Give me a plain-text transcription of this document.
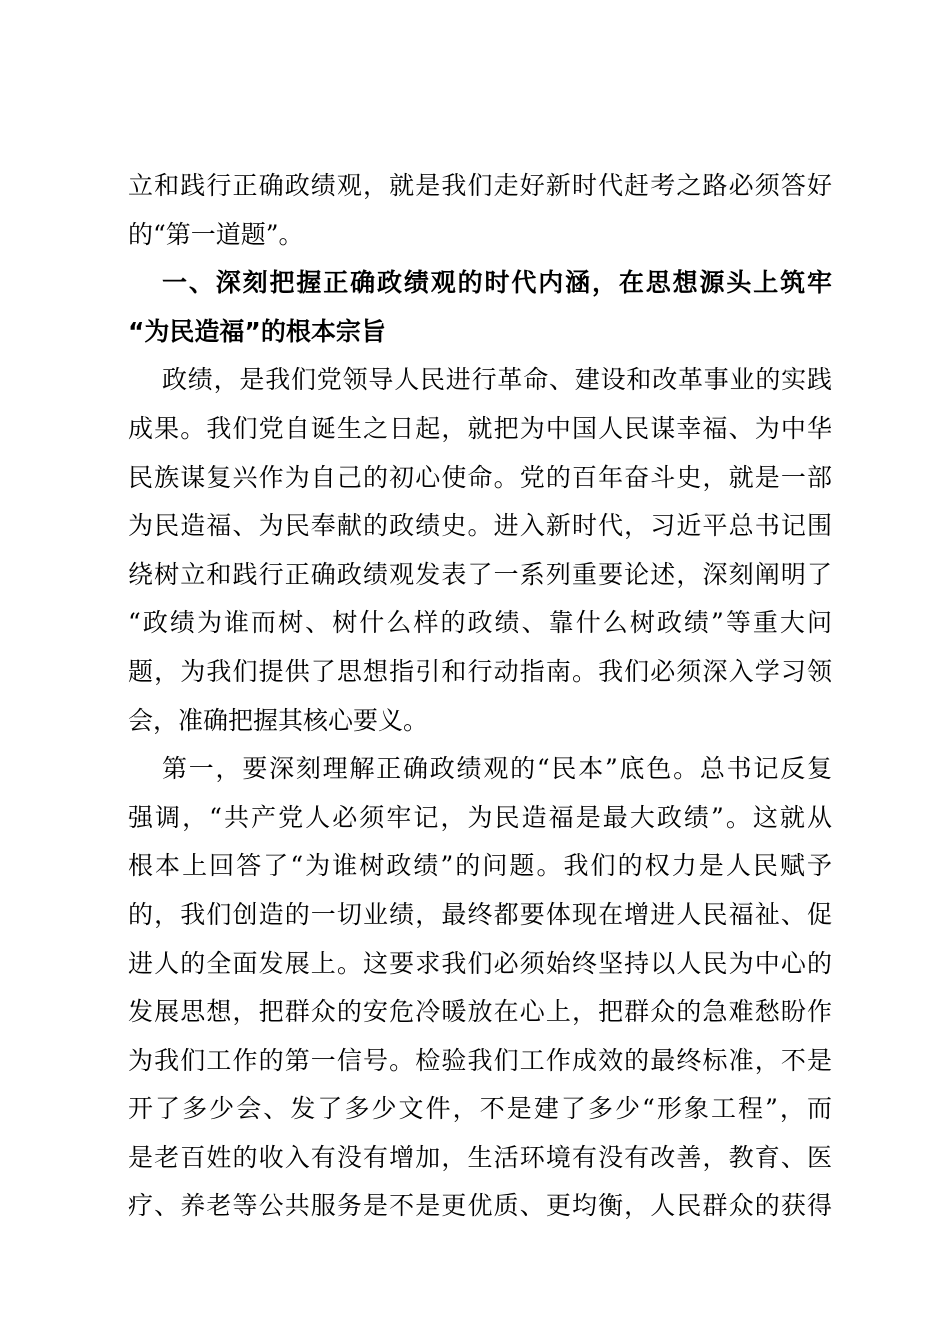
立和践行正确政绩观，就是我们走好新时代赶考之路必须答好
的“第一道题”。
一、深刻把握正确政绩观的时代内涵，在思想源头上筑牢
“为民造福”的根本宗旨
政绩，是我们党领导人民进行革命、建设和改革事业的实践
成果。我们党自诞生之日起，就把为中国人民谋幸福、为中华
民族谋复兴作为自己的初心使命。党的百年奋斗史，就是一部
为民造福、为民奉献的政绩史。进入新时代，习近平总书记围
绕树立和践行正确政绩观发表了一系列重要论述，深刻阐明了
“政绩为谁而树、树什么样的政绩、靠什么树政绩”等重大问
题，为我们提供了思想指引和行动指南。我们必须深入学习领
会，准确把握其核心要义。
第一，要深刻理解正确政绩观的“民本”底色。总书记反复
强调，“共产党人必须牢记，为民造福是最大政绩”。这就从
根本上回答了“为谁树政绩”的问题。我们的权力是人民赋予
的，我们创造的一切业绩，最终都要体现在增进人民福祉、促
进人的全面发展上。这要求我们必须始终坚持以人民为中心的
发展思想，把群众的安危冷暖放在心上，把群众的急难愁盼作
为我们工作的第一信号。检验我们工作成效的最终标准，不是
开了多少会、发了多少文件，不是建了多少“形象工程”，而
是老百姓的收入有没有增加，生活环境有没有改善，教育、医
疗、养老等公共服务是不是更优质、更均衡，人民群众的获得
